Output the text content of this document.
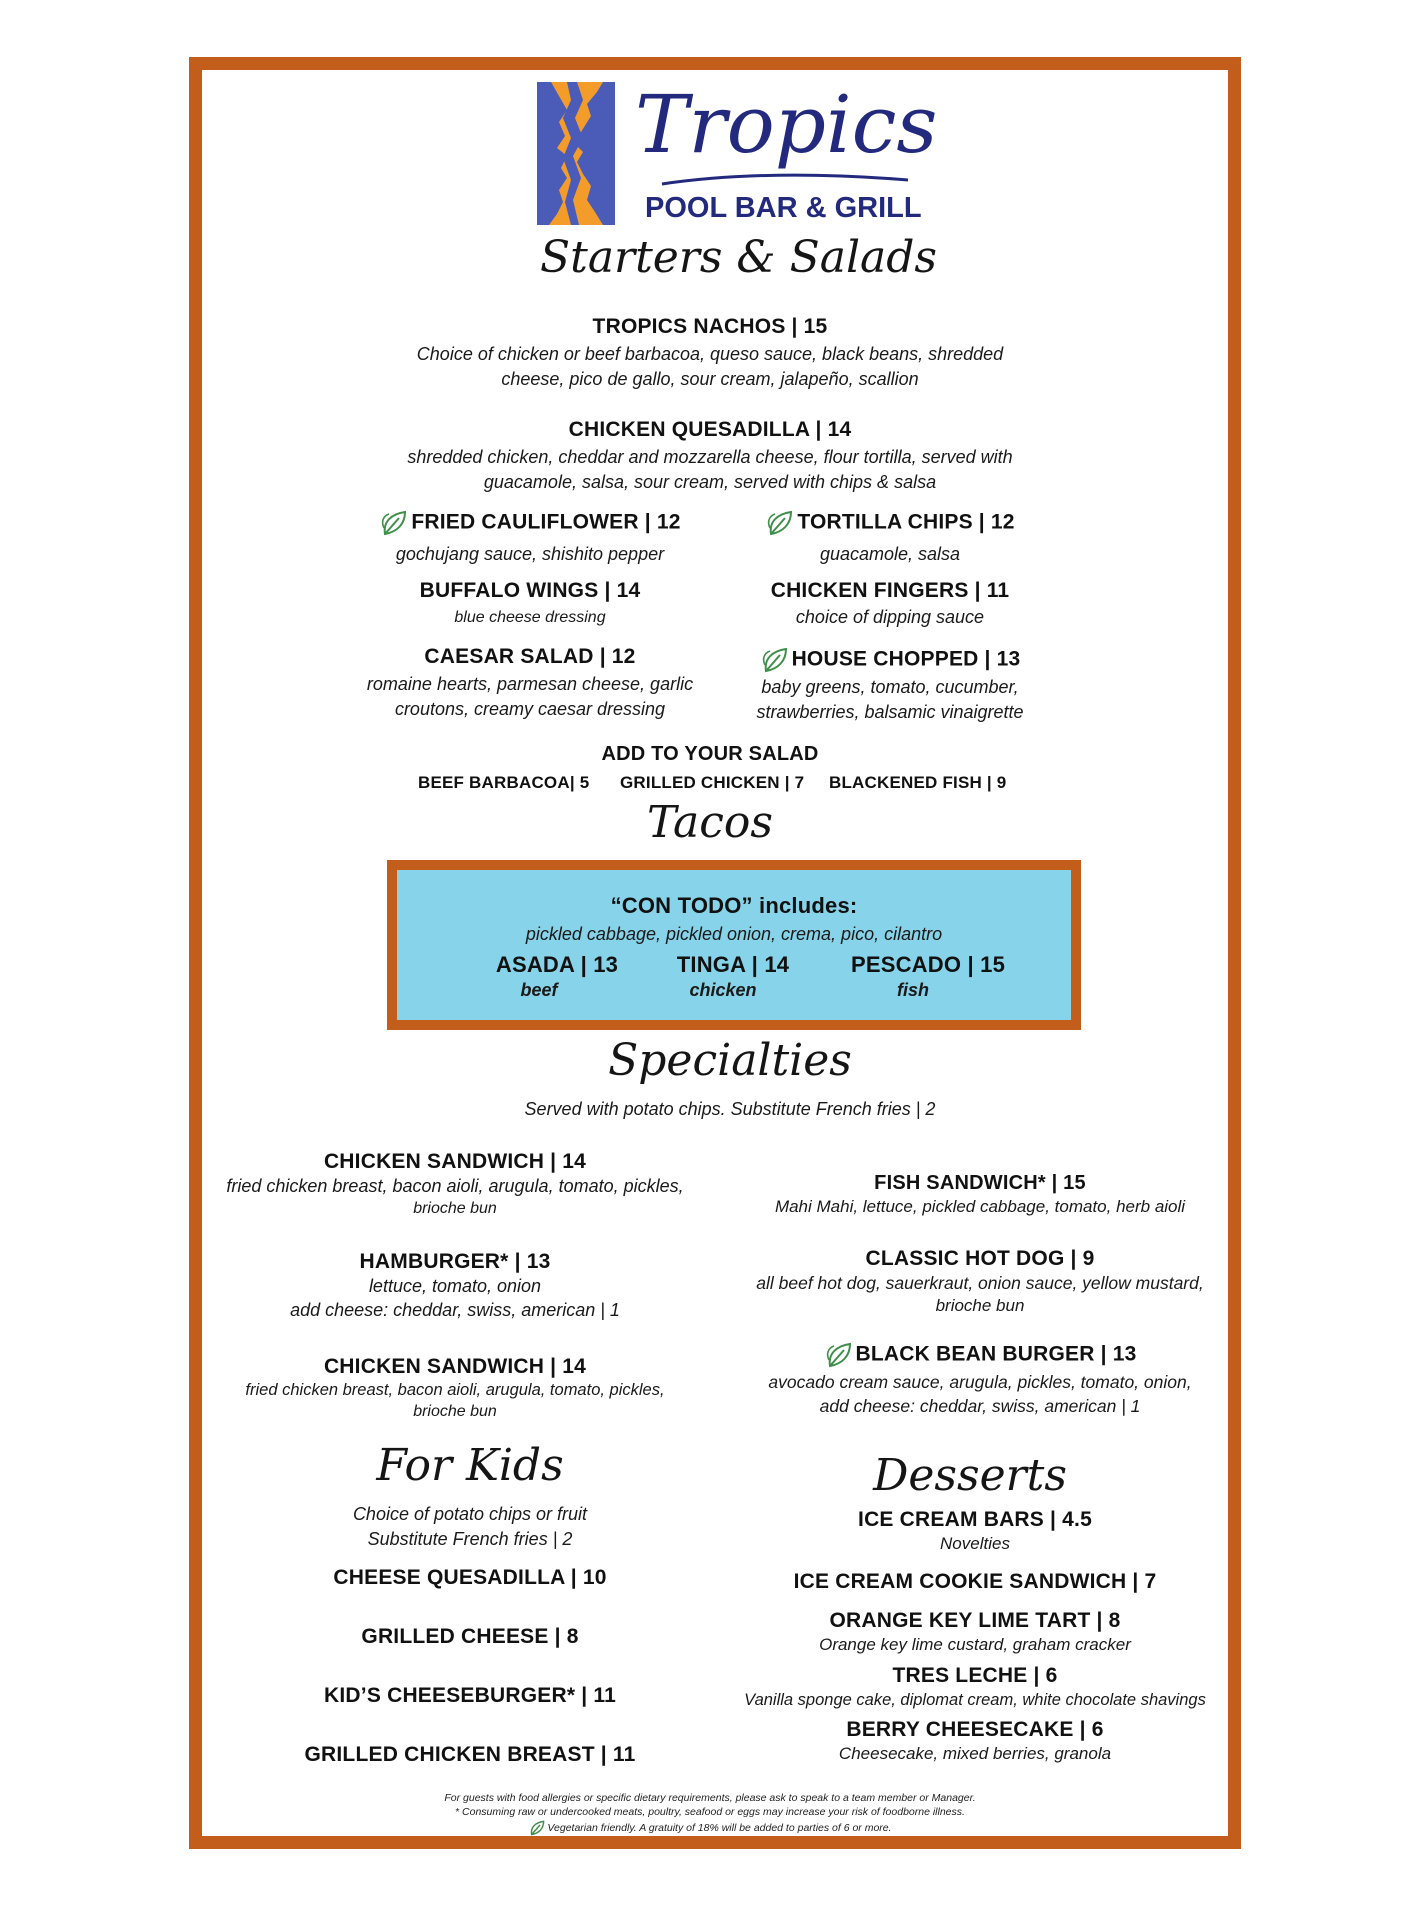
Tropics
POOL BAR & GRILL
Starters & Salads
TROPICS NACHOS | 15
Choice of chicken or beef barbacoa, queso sauce, black beans, shredded
cheese, pico de gallo, sour cream, jalapeño, scallion
CHICKEN QUESADILLA | 14
shredded chicken, cheddar and mozzarella cheese, flour tortilla, served with
guacamole, salsa, sour cream, served with chips & salsa
FRIED CAULIFLOWER | 12
gochujang sauce, shishito pepper
TORTILLA CHIPS | 12
guacamole, salsa
BUFFALO WINGS | 14
blue cheese dressing
CHICKEN FINGERS | 11
choice of dipping sauce
CAESAR SALAD | 12
romaine hearts, parmesan cheese, garlic
croutons, creamy caesar dressing
HOUSE CHOPPED | 13
baby greens, tomato, cucumber,
strawberries, balsamic vinaigrette
ADD TO YOUR SALAD
BEEF BARBACOA| 5 GRILLED CHICKEN | 7 BLACKENED FISH | 9
Tacos
“CON TODO” includes:
pickled cabbage, pickled onion, crema, pico, cilantro
ASADA | 13
beef
TINGA | 14
chicken
PESCADO | 15
fish
Specialties
Served with potato chips. Substitute French fries | 2
CHICKEN SANDWICH | 14
fried chicken breast, bacon aioli, arugula, tomato, pickles,
brioche bun
HAMBURGER* | 13
lettuce, tomato, onion
add cheese: cheddar, swiss, american | 1
CHICKEN SANDWICH | 14
fried chicken breast, bacon aioli, arugula, tomato, pickles,
brioche bun
FISH SANDWICH* | 15
Mahi Mahi, lettuce, pickled cabbage, tomato, herb aioli
CLASSIC HOT DOG | 9
all beef hot dog, sauerkraut, onion sauce, yellow mustard,
brioche bun
BLACK BEAN BURGER | 13
avocado cream sauce, arugula, pickles, tomato, onion,
add cheese: cheddar, swiss, american | 1
For Kids
Choice of potato chips or fruit
Substitute French fries | 2
CHEESE QUESADILLA | 10
GRILLED CHEESE | 8
KID’S CHEESEBURGER* | 11
GRILLED CHICKEN BREAST | 11
Desserts
ICE CREAM BARS | 4.5
Novelties
ICE CREAM COOKIE SANDWICH | 7
ORANGE KEY LIME TART | 8
Orange key lime custard, graham cracker
TRES LECHE | 6
Vanilla sponge cake, diplomat cream, white chocolate shavings
BERRY CHEESECAKE | 6
Cheesecake, mixed berries, granola
For guests with food allergies or specific dietary requirements, please ask to speak to a team member or Manager.
* Consuming raw or undercooked meats, poultry, seafood or eggs may increase your risk of foodborne illness.
Vegetarian friendly. A gratuity of 18% will be added to parties of 6 or more.
